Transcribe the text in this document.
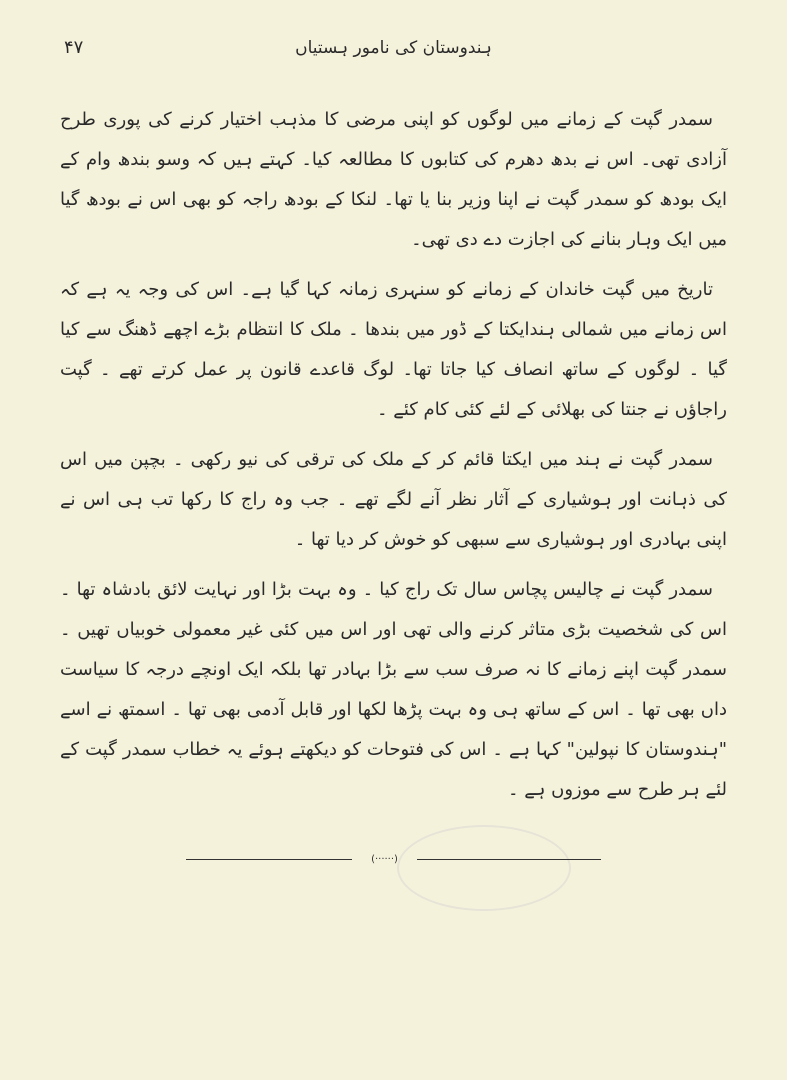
۴۷	ہندوستان کی نامور ہستیاں

سمدر گپت کے زمانے میں لوگوں کو اپنی مرضی کا مذہب اختیار کرنے کی پوری طرح آزادی تھی۔ اس نے بدھ دھرم کی کتابوں کا مطالعہ کیا۔ کہتے ہیں کہ وسو بندھ وام کے ایک بودھ کو سمدر گپت نے اپنا وزیر بنا یا تھا۔ لنکا کے بودھ راجہ کو بھی اس نے بودھ گیا میں ایک وہار بنانے کی اجازت دے دی تھی۔

تاریخ میں گپت خاندان کے زمانے کو سنہری زمانہ کہا گیا ہے۔ اس کی وجہ یہ ہے کہ اس زمانے میں شمالی ہندایکتا کے ڈور میں بندھا ۔ ملک کا انتظام بڑے اچھے ڈھنگ سے کیا گیا ۔ لوگوں کے ساتھ انصاف کیا جاتا تھا۔ لوگ قاعدے قانون پر عمل کرتے تھے ۔ گپت راجاؤں نے جنتا کی بھلائی کے لئے کئی کام کئے ۔

سمدر گپت نے ہند میں ایکتا قائم کر کے ملک کی ترقی کی نیو رکھی ۔ بچپن میں اس کی ذہانت اور ہوشیاری کے آثار نظر آنے لگے تھے ۔ جب وہ راج کا رکھا تب ہی اس نے اپنی بہادری اور ہوشیاری سے سبھی کو خوش کر دیا تھا ۔

سمدر گپت نے چالیس پچاس سال تک راج کیا ۔ وہ بہت بڑا اور نہایت لائق بادشاہ تھا ۔ اس کی شخصیت بڑی متاثر کرنے والی تھی اور اس میں کئی غیر معمولی خوبیاں تھیں ۔ سمدر گپت اپنے زمانے کا نہ صرف سب سے بڑا بہادر تھا بلکہ ایک اونچے درجہ کا سیاست داں بھی تھا ۔ اس کے ساتھ ہی وہ بہت پڑھا لکھا اور قابل آدمی بھی تھا ۔ اسمتھ نے اسے "ہندوستان کا نپولین" کہا ہے ۔ اس کی فتوحات کو دیکھتے ہوئے یہ خطاب سمدر گپت کے لئے ہر طرح سے موزوں ہے ۔

(······)
